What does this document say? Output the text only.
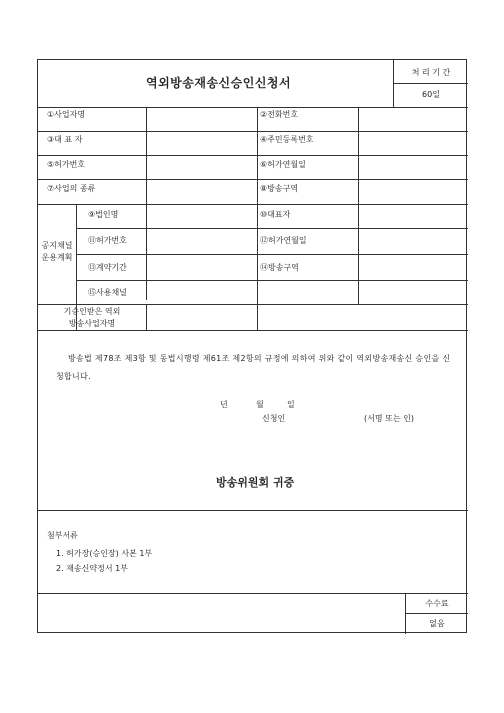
역외방송재송신승인신청서
처 리 기 간
60일
①사업자명	②전화번호
③대 표 자	④주민등록번호
⑤허가번호	⑥허가연월일
⑦사업의 종류	⑧방송구역
공지채널
운용계획
⑨법인명	⑩대표자
⑪허가번호	⑫허가연월일
⑬계약기간	⑭방송구역
⑮사용채널
기승인받은 역외
방송사업자명
방송법 제78조 제3항 및 동법시행령 제61조 제2항의 규정에 의하여 위와 같이 역외방송재송신 승인을 신청합니다.
년	월	일
신청인	(서명 또는 인)
방송위원회 귀중
첨부서류
1. 허가장(승인장) 사본 1부
2. 재송신약정서 1부
수수료
없음
